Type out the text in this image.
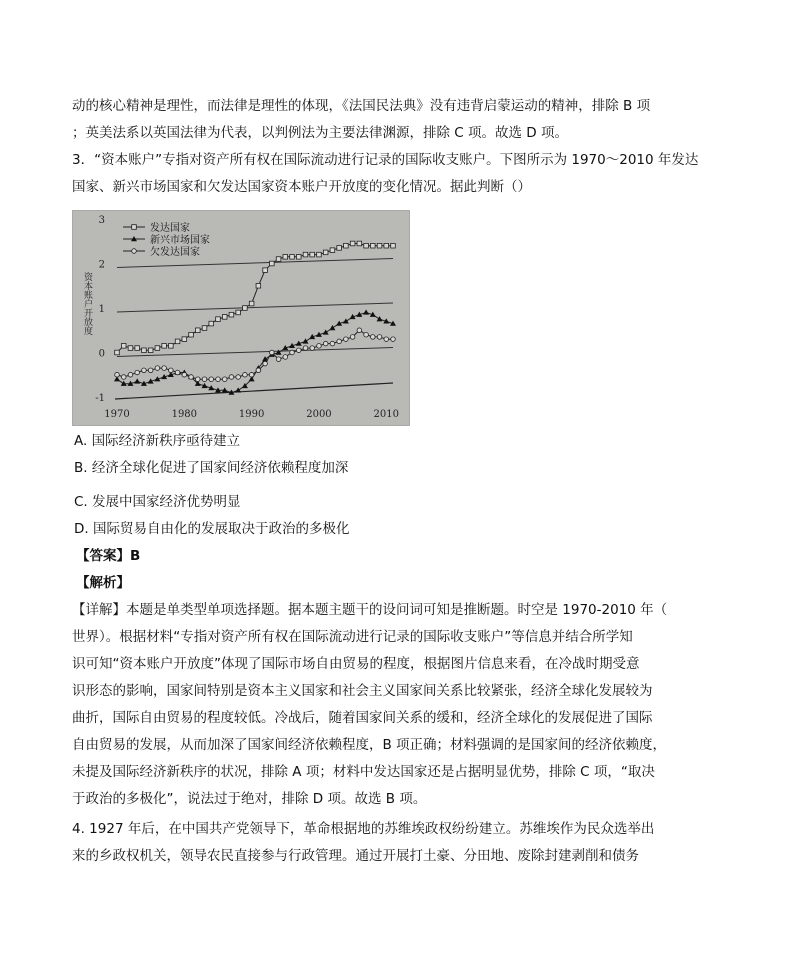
动的核心精神是理性，而法律是理性的体现，《法国民法典》没有违背启蒙运动的精神，排除 B 项
；英美法系以英国法律为代表，以判例法为主要法律渊源，排除 C 项。故选 D 项。
3．“资本账户”专指对资产所有权在国际流动进行记录的国际收支账户。下图所示为 1970～2010 年发达
国家、新兴市场国家和欠发达国家资本账户开放度的变化情况。据此判断（）
-1
0
1
2
3
1970	1980	1990	2000	2010
资本账户开放度
发达国家
新兴市场国家
欠发达国家
A. 国际经济新秩序亟待建立
B. 经济全球化促进了国家间经济依赖程度加深
C. 发展中国家经济优势明显
D. 国际贸易自由化的发展取决于政治的多极化
【答案】B
【解析】
【详解】本题是单类型单项选择题。据本题主题干的设问词可知是推断题。时空是 1970-2010 年（
世界）。根据材料“专指对资产所有权在国际流动进行记录的国际收支账户”等信息并结合所学知
识可知“资本账户开放度”体现了国际市场自由贸易的程度，根据图片信息来看，在冷战时期受意
识形态的影响，国家间特别是资本主义国家和社会主义国家间关系比较紧张，经济全球化发展较为
曲折，国际自由贸易的程度较低。冷战后，随着国家间关系的缓和，经济全球化的发展促进了国际
自由贸易的发展，从而加深了国家间经济依赖程度，B 项正确；材料强调的是国家间的经济依赖度，
未提及国际经济新秩序的状况，排除 A 项；材料中发达国家还是占据明显优势，排除 C 项，“取决
于政治的多极化”，说法过于绝对，排除 D 项。故选 B 项。
4. 1927 年后，在中国共产党领导下，革命根据地的苏维埃政权纷纷建立。苏维埃作为民众选举出
来的乡政权机关，领导农民直接参与行政管理。通过开展打土豪、分田地、废除封建剥削和债务
